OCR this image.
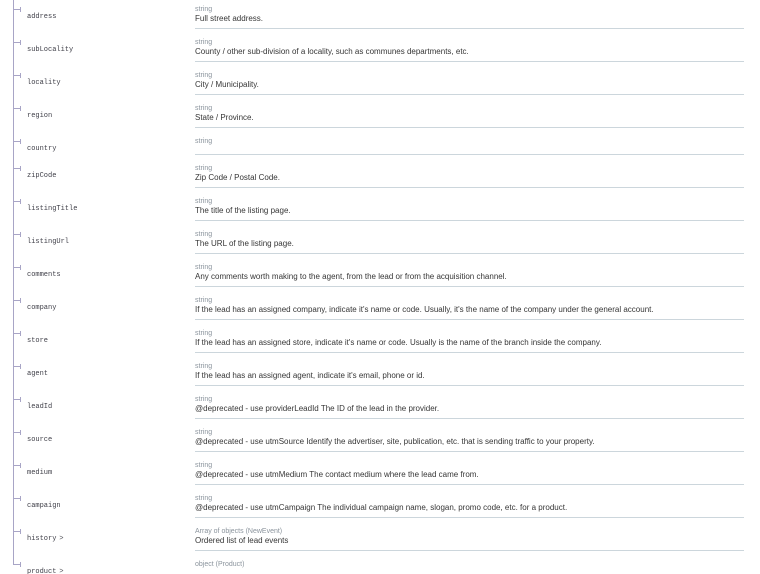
address
string
Full street address.
subLocality
string
County / other sub-division of a locality, such as communes departments, etc.
locality
string
City / Municipality.
region
string
State / Province.
country
string
zipCode
string
Zip Code / Postal Code.
listingTitle
string
The title of the listing page.
listingUrl
string
The URL of the listing page.
comments
string
Any comments worth making to the agent, from the lead or from the acquisition channel.
company
string
If the lead has an assigned company, indicate it's name or code. Usually, it's the name of the company under the general account.
store
string
If the lead has an assigned store, indicate it's name or code. Usually is the name of the branch inside the company.
agent
string
If the lead has an assigned agent, indicate it's email, phone or id.
leadId
string
@deprecated - use providerLeadId The ID of the lead in the provider.
source
string
@deprecated - use utmSource Identify the advertiser, site, publication, etc. that is sending traffic to your property.
medium
string
@deprecated - use utmMedium The contact medium where the lead came from.
campaign
string
@deprecated - use utmCampaign The individual campaign name, slogan, promo code, etc. for a product.
history >
Array of objects (NewEvent)
Ordered list of lead events
product >
object (Product)
